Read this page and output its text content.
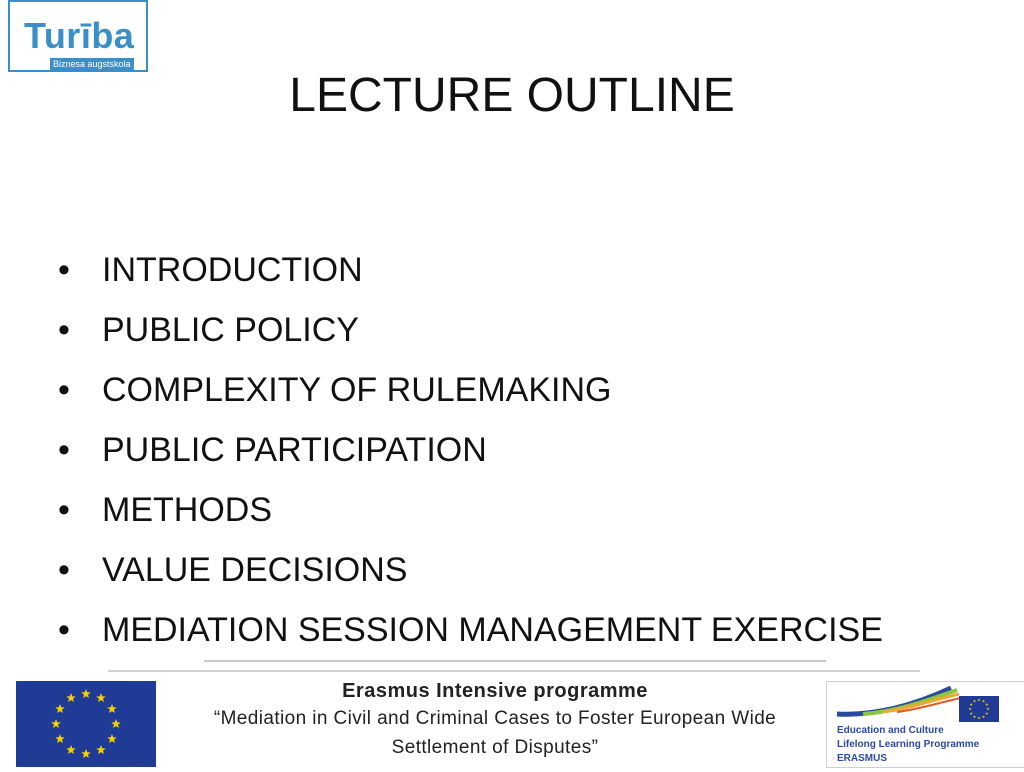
Turība
Biznesa augstskola
LECTURE OUTLINE
• INTRODUCTION
• PUBLIC POLICY
• COMPLEXITY OF RULEMAKING
• PUBLIC PARTICIPATION
• METHODS
• VALUE DECISIONS
• MEDIATION SESSION MANAGEMENT EXERCISE
Erasmus Intensive programme
“Mediation in Civil and Criminal Cases to Foster European Wide
Settlement of Disputes”
Education and Culture
Lifelong Learning Programme
ERASMUS
